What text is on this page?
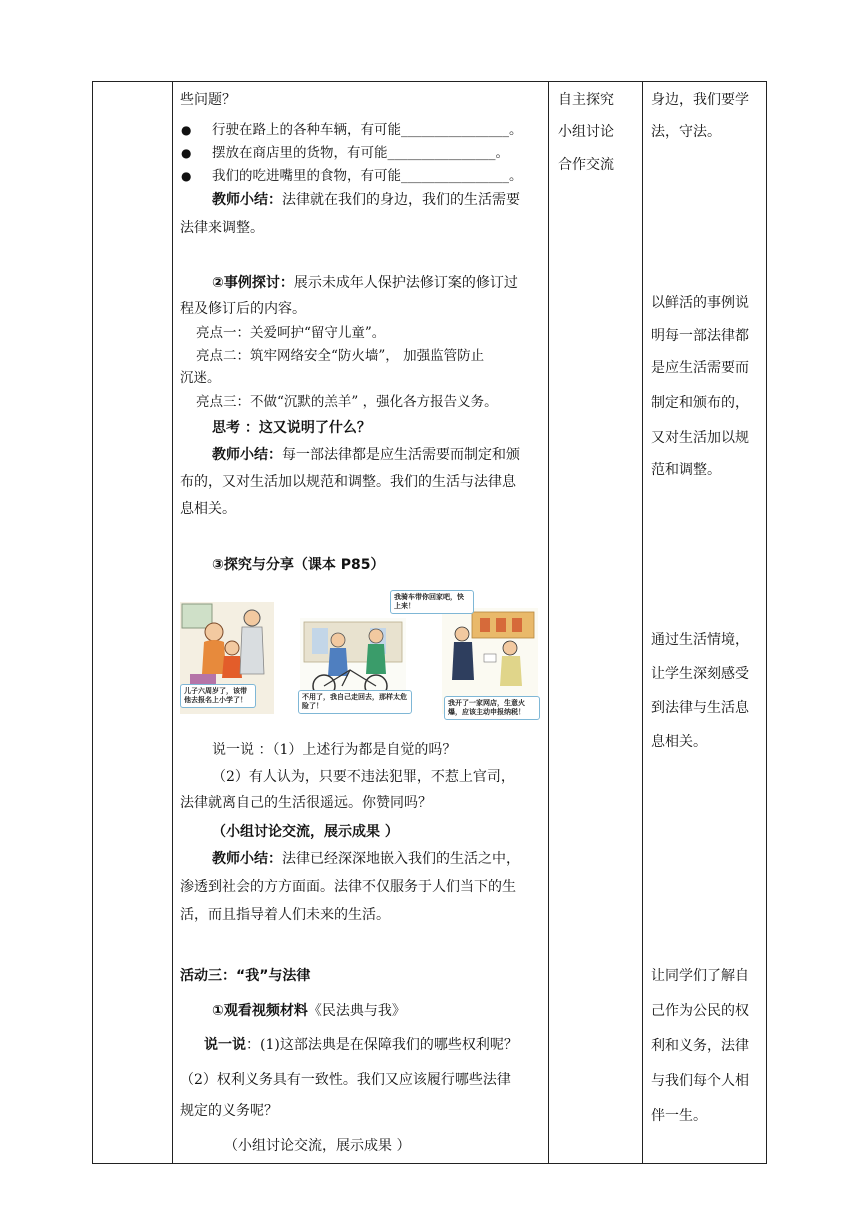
些问题？
● 行驶在路上的各种车辆，有可能________________。
● 摆放在商店里的货物，有可能________________。
● 我们的吃进嘴里的食物，有可能________________。
教师小结：法律就在我们的身边，我们的生活需要
法律来调整。
②事例探讨：展示未成年人保护法修订案的修订过
程及修订后的内容。
亮点一：关爱呵护“留守儿童”。
亮点二：筑牢网络安全“防火墙”， 加强监管防止
沉迷。
亮点三：不做“沉默的羔羊” ，强化各方报告义务。
思考 ：这又说明了什么？
教师小结：每一部法律都是应生活需要而制定和颁
布的，又对生活加以规范和调整。我们的生活与法律息
息相关。
③探究与分享（课本 P85）
我骑车带你回家吧，快上来！
儿子六周岁了，该带他去报名上小学了！	不用了，我自己走回去，那样太危险了！	我开了一家网店，生意火爆，应该主动申报纳税！
说一说 ：（1）上述行为都是自觉的吗？
（2）有人认为，只要不违法犯罪，不惹上官司，
法律就离自己的生活很遥远。你赞同吗？
（小组讨论交流，展示成果 ）
教师小结：法律已经深深地嵌入我们的生活之中，
渗透到社会的方方面面。法律不仅服务于人们当下的生
活，而且指导着人们未来的生活。
活动三：“我”与法律
①观看视频材料《民法典与我》
说一说：(1)这部法典是在保障我们的哪些权利呢？
（2）权利义务具有一致性。我们又应该履行哪些法律
规定的义务呢？
（小组讨论交流，展示成果 ）
自主探究
小组讨论
合作交流
身边，我们要学
法，守法。
以鲜活的事例说
明每一部法律都
是应生活需要而
制定和颁布的，
又对生活加以规
范和调整。
通过生活情境，
让学生深刻感受
到法律与生活息
息相关。
让同学们了解自
己作为公民的权
利和义务，法律
与我们每个人相
伴一生。
